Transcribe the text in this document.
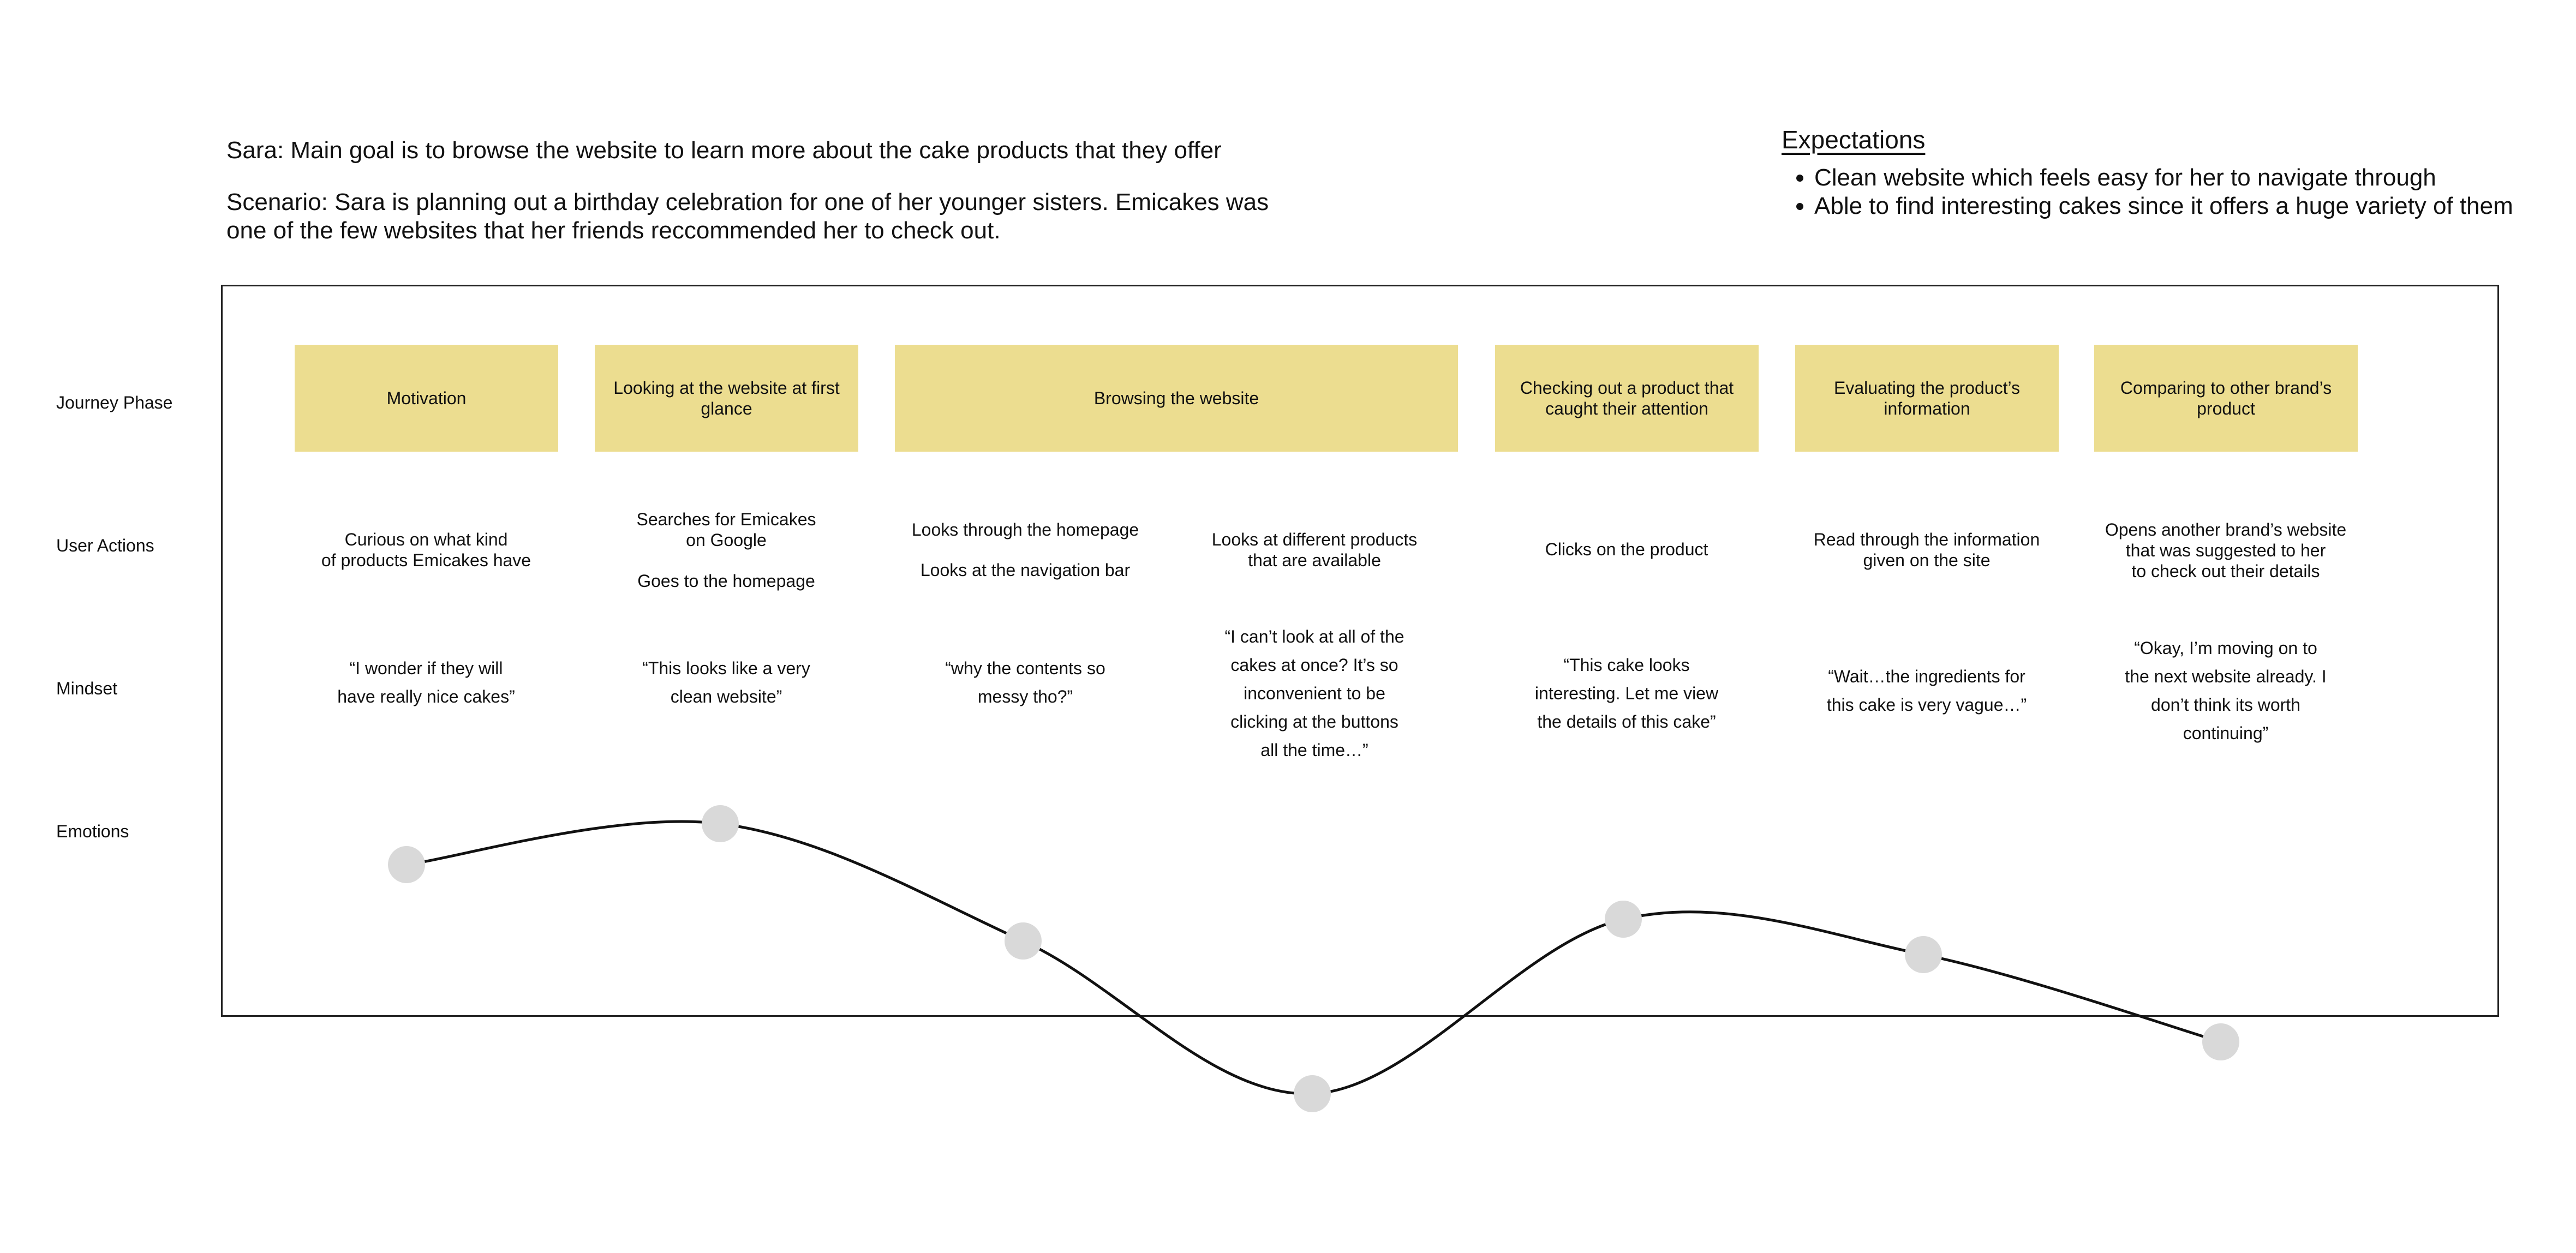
Sara: Main goal is to browse the website to learn more about the cake products that they offer
Scenario: Sara is planning out a birthday celebration for one of her younger sisters. Emicakes was one of the few websites that her friends reccommended her to check out.
Expectations
• Clean website which feels easy for her to navigate through
• Able to find interesting cakes since it offers a huge variety of them
Journey Phase
User Actions
Mindset
Emotions
Motivation
Looking at the website at first glance
Browsing the website
Checking out a product that caught their attention
Evaluating the product’s information
Comparing to other brand’s product
Curious on what kind
of products Emicakes have
Searches for Emicakes
on Google
Goes to the homepage
Looks through the homepage
Looks at the navigation bar
Looks at different products
that are available
Clicks on the product	Read through the information
given on the site
Opens another brand’s website
that was suggested to her
to check out their details
“I wonder if they will
have really nice cakes”
“This looks like a very
clean website”
“why the contents so
messy tho?”
“I can’t look at all of the
cakes at once? It’s so
inconvenient to be
clicking at the buttons
all the time…”
“This cake looks
interesting. Let me view
the details of this cake”
“Wait…the ingredients for
this cake is very vague…”
“Okay, I’m moving on to
the next website already. I
don’t think its worth
continuing”
